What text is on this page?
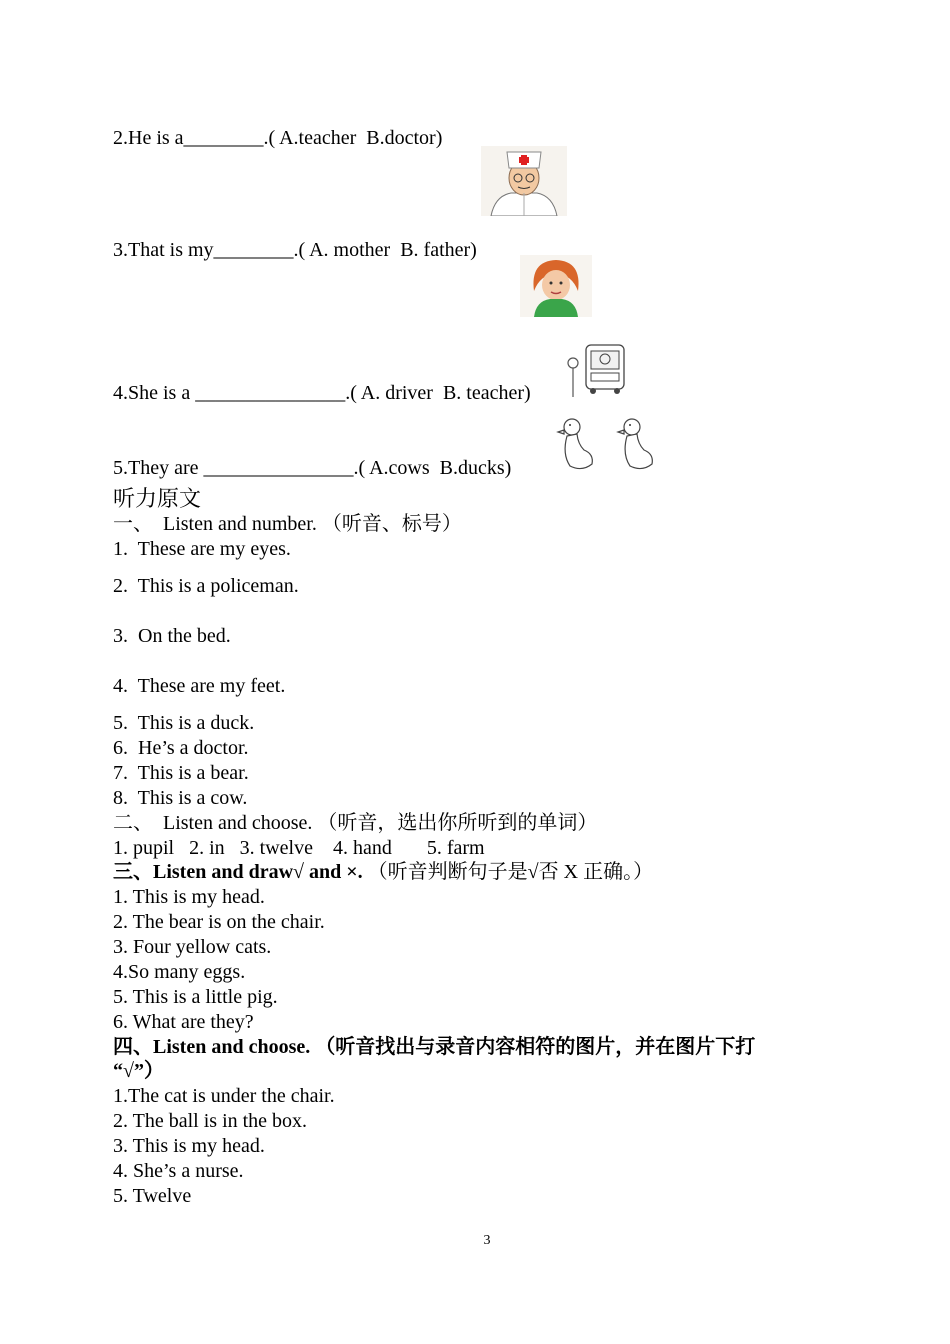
2.He is a________.( A.teacher  B.doctor)
3.That is my________.( A. mother  B. father)
4.She is a _______________.( A. driver  B. teacher)
5.They are _______________.( A.cows  B.ducks)
听力原文
一、  Listen and number. （听音、标号）
1.  These are my eyes.
2.  This is a policeman.
3.  On the bed.
4.  These are my feet.
5.  This is a duck.
6.  He’s a doctor.
7.  This is a bear.
8.  This is a cow.
二、  Listen and choose. （听音，选出你所听到的单词）
1. pupil   2. in   3. twelve    4. hand       5. farm
三、Listen and draw√ and ×. （听音判断句子是√否 X 正确。）
1. This is my head.
2. The bear is on the chair.
3. Four yellow cats.
4.So many eggs.
5. This is a little pig.
6. What are they?
四、Listen and choose. （听音找出与录音内容相符的图片，并在图片下打
“√”）
1.The cat is under the chair.
2. The ball is in the box.
3. This is my head.
4. She’s a nurse.
5. Twelve
3
